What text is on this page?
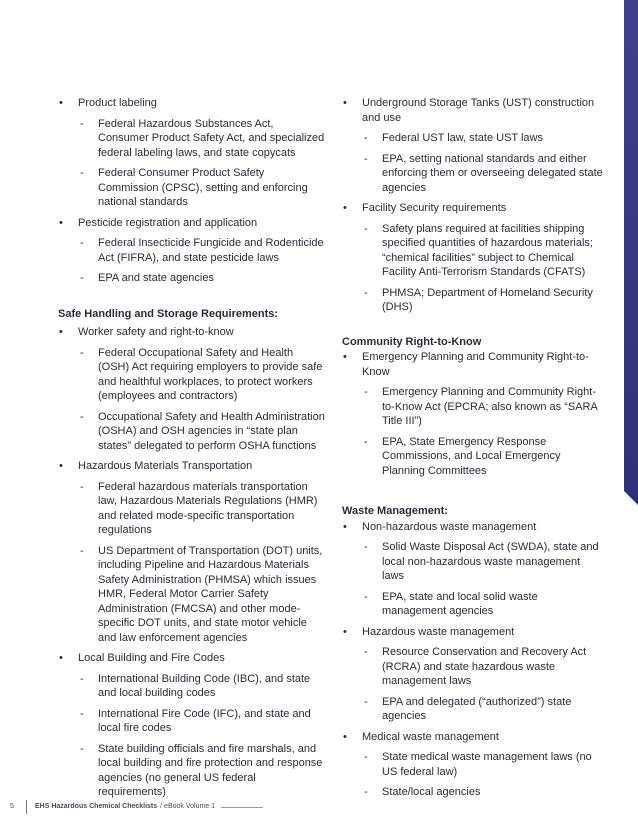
• Product labeling
- Federal Hazardous Substances Act, Consumer Product Safety Act, and specialized federal labeling laws, and state copycats
- Federal Consumer Product Safety Commission (CPSC), setting and enforcing national standards
• Pesticide registration and application
- Federal Insecticide Fungicide and Rodenticide Act (FIFRA), and state pesticide laws
- EPA and state agencies
Safe Handling and Storage Requirements:
• Worker safety and right-to-know
- Federal Occupational Safety and Health (OSH) Act requiring employers to provide safe and healthful workplaces, to protect workers (employees and contractors)
- Occupational Safety and Health Administration (OSHA) and OSH agencies in “state plan states” delegated to perform OSHA functions
• Hazardous Materials Transportation
- Federal hazardous materials transportation law, Hazardous Materials Regulations (HMR) and related mode-specific transportation regulations
- US Department of Transportation (DOT) units, including Pipeline and Hazardous Materials Safety Administration (PHMSA) which issues HMR, Federal Motor Carrier Safety Administration (FMCSA) and other mode-specific DOT units, and state motor vehicle and law enforcement agencies
• Local Building and Fire Codes
- International Building Code (IBC), and state and local building codes
- International Fire Code (IFC), and state and local fire codes
- State building officials and fire marshals, and local building and fire protection and response agencies (no general US federal requirements)
• Underground Storage Tanks (UST) construction and use
- Federal UST law, state UST laws
- EPA, setting national standards and either enforcing them or overseeing delegated state agencies
• Facility Security requirements
- Safety plans required at facilities shipping specified quantities of hazardous materials; “chemical facilities” subject to Chemical Facility Anti-Terrorism Standards (CFATS)
- PHMSA; Department of Homeland Security (DHS)
Community Right-to-Know
• Emergency Planning and Community Right-to-Know
- Emergency Planning and Community Right-to-Know Act (EPCRA; also known as “SARA Title III”)
- EPA, State Emergency Response Commissions, and Local Emergency Planning Committees
Waste Management:
• Non-hazardous waste management
- Solid Waste Disposal Act (SWDA), state and local non-hazardous waste management laws
- EPA, state and local solid waste management agencies
• Hazardous waste management
- Resource Conservation and Recovery Act (RCRA) and state hazardous waste management laws
- EPA and delegated (“authorized”) state agencies
• Medical waste management
- State medical waste management laws (no US federal law)
- State/local agencies
5	EHS Hazardous Chemical Checklists / eBook Volume 1
